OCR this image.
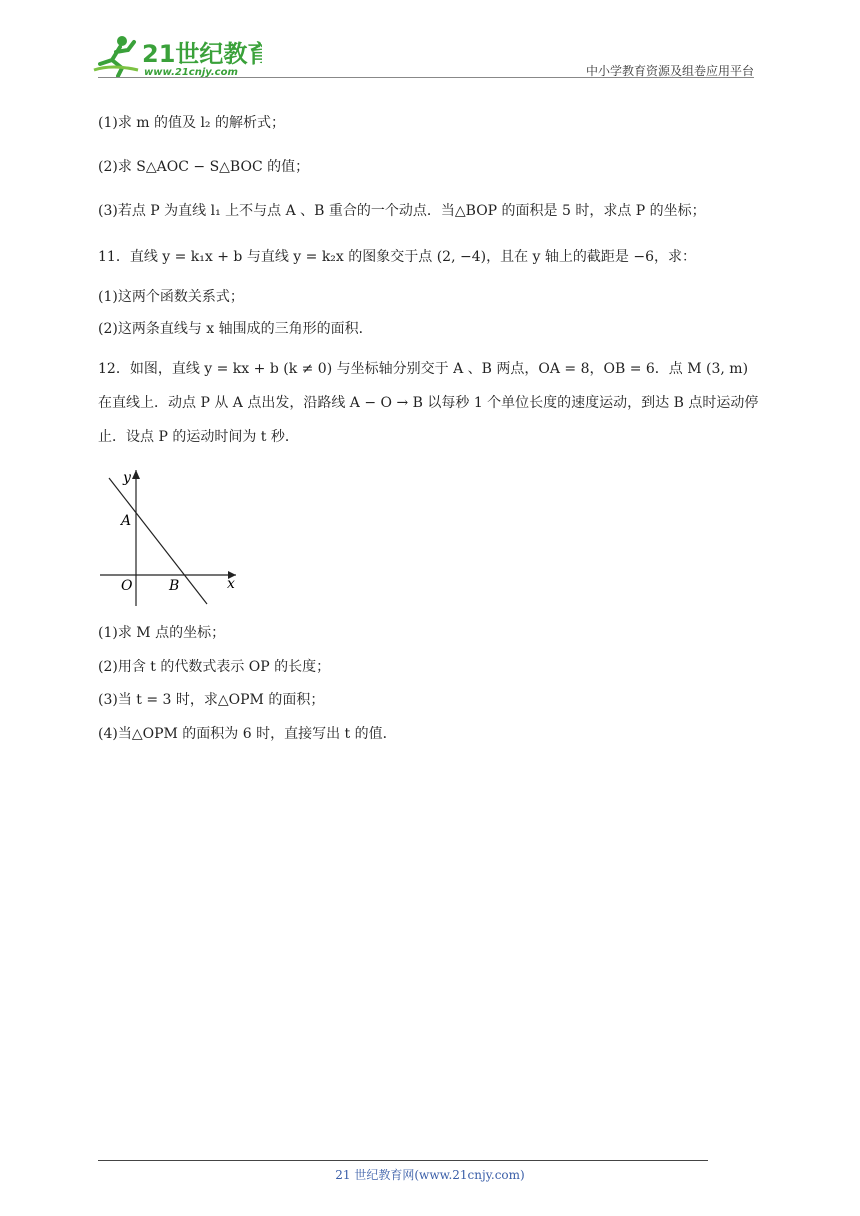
21世纪教育
www.21cnjy.com	中小学教育资源及组卷应用平台
(1)求 m 的值及 l₂ 的解析式；
(2)求 S△AOC − S△BOC 的值；
(3)若点 P 为直线 l₁ 上不与点 A 、B 重合的一个动点．当△BOP 的面积是 5 时，求点 P 的坐标；
11．直线 y = k₁x + b 与直线 y = k₂x 的图象交于点 (2, −4)，且在 y 轴上的截距是 −6，求：
(1)这两个函数关系式；
(2)这两条直线与 x 轴围成的三角形的面积．
12．如图，直线 y = kx + b (k ≠ 0) 与坐标轴分别交于 A 、B 两点，OA = 8，OB = 6．点 M (3, m) 在直线上．动点 P 从 A 点出发，沿路线 A − O → B 以每秒 1 个单位长度的速度运动，到达 B 点时运动停止．设点 P 的运动时间为 t 秒．
y
x
A
O	B
(1)求 M 点的坐标；
(2)用含 t 的代数式表示 OP 的长度；
(3)当 t = 3 时，求△OPM 的面积；
(4)当△OPM 的面积为 6 时，直接写出 t 的值．
21 世纪教育网(www.21cnjy.com)
